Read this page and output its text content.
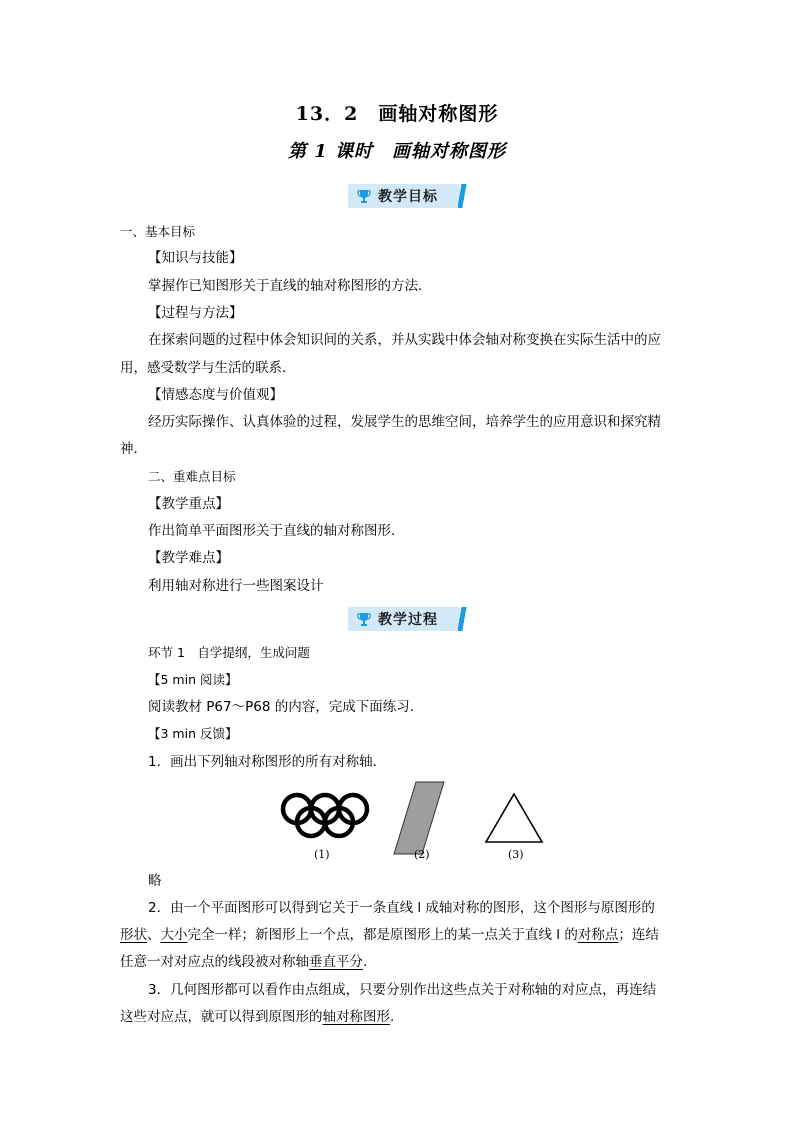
13．2　画轴对称图形
第 1 课时　画轴对称图形
教学目标
一、基本目标
【知识与技能】
掌握作已知图形关于直线的轴对称图形的方法．
【过程与方法】
在探索问题的过程中体会知识间的关系，并从实践中体会轴对称变换在实际生活中的应
用，感受数学与生活的联系．
【情感态度与价值观】
经历实际操作、认真体验的过程，发展学生的思维空间，培养学生的应用意识和探究精
神．
二、重难点目标
【教学重点】
作出简单平面图形关于直线的轴对称图形．
【教学难点】
利用轴对称进行一些图案设计
教学过程
环节 1　自学提纲，生成问题
【5 min 阅读】
阅读教材 P67～P68 的内容，完成下面练习．
【3 min 反馈】
1．画出下列轴对称图形的所有对称轴．
(1)	(2)	(3)
略
2．由一个平面图形可以得到它关于一条直线 l 成轴对称的图形，这个图形与原图形的
形状、大小完全一样；新图形上一个点，都是原图形上的某一点关于直线 l 的对称点；连结
任意一对对应点的线段被对称轴垂直平分.
3．几何图形都可以看作由点组成，只要分别作出这些点关于对称轴的对应点，再连结
这些对应点，就可以得到原图形的轴对称图形.
